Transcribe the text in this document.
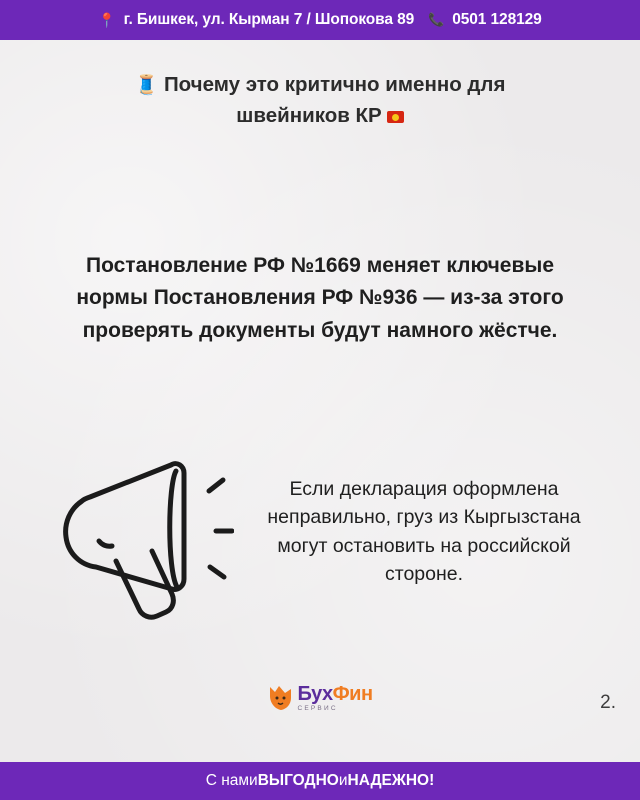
📍 г. Бишкек, ул. Кырман 7 / Шопокова 89 📞 0501 128129
🧵 Почему это критично именно для
швейников КР
Постановление РФ №1669 меняет ключевые
нормы Постановления РФ №936 — из-за этого
проверять документы будут намного жёстче.
Если декларация оформлена неправильно, груз из Кыргызстана могут остановить на российской стороне.
БухФин
СЕРВИС	2.
С нами ВЫГОДНО и НАДЕЖНО!
